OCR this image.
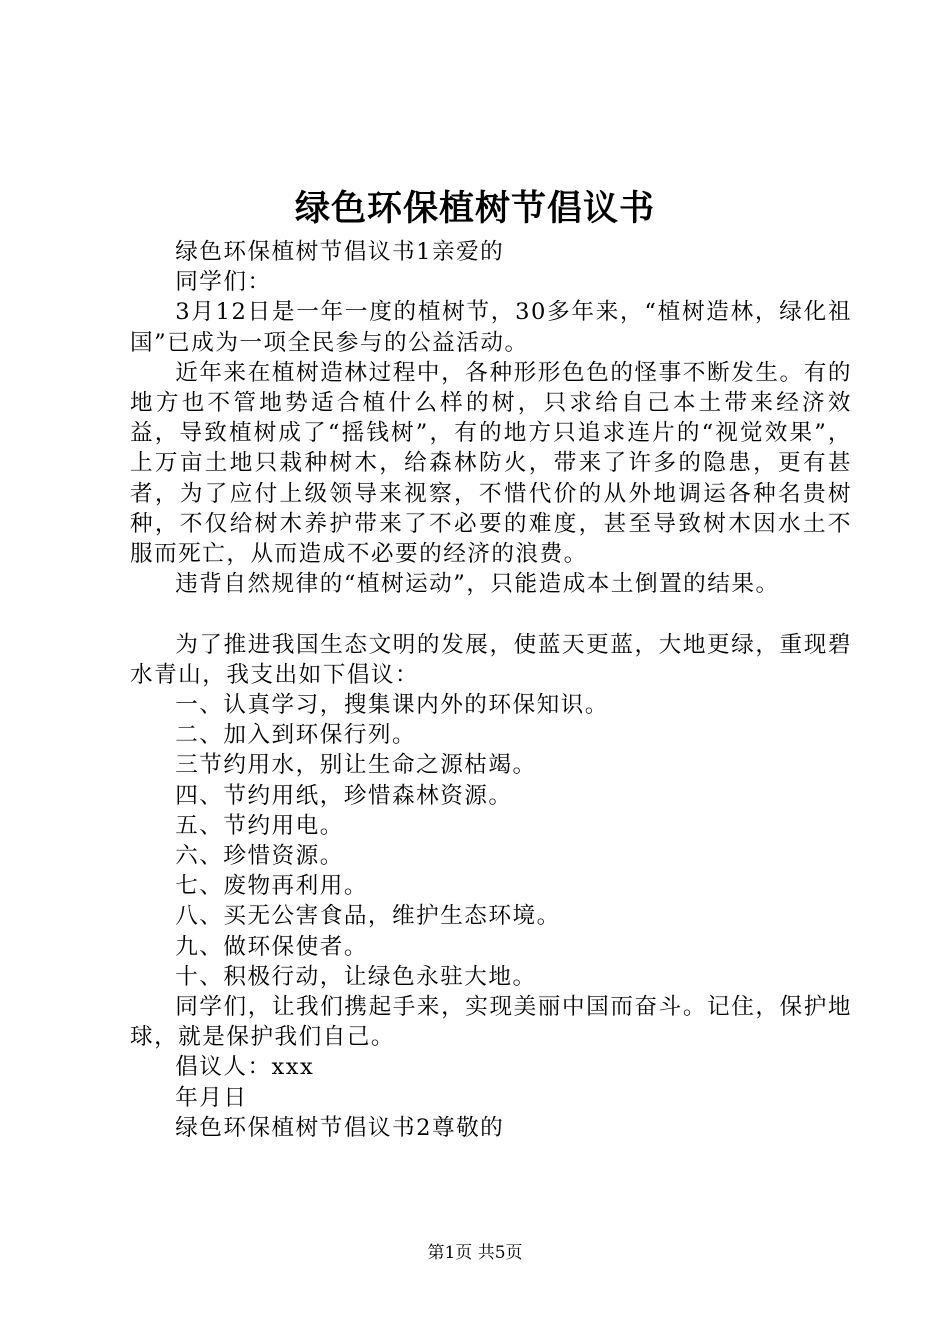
绿色环保植树节倡议书

绿色环保植树节倡议书1亲爱的

同学们：

3月12日是一年一度的植树节，30多年来，“植树造林，绿化祖国”已成为一项全民参与的公益活动。

近年来在植树造林过程中，各种形形色色的怪事不断发生。有的地方也不管地势适合植什么样的树，只求给自己本土带来经济效益，导致植树成了“摇钱树”，有的地方只追求连片的“视觉效果”，上万亩土地只栽种树木，给森林防火，带来了许多的隐患，更有甚者，为了应付上级领导来视察，不惜代价的从外地调运各种名贵树种，不仅给树木养护带来了不必要的难度，甚至导致树木因水土不服而死亡，从而造成不必要的经济的浪费。

违背自然规律的“植树运动”，只能造成本土倒置的结果。

为了推进我国生态文明的发展，使蓝天更蓝，大地更绿，重现碧水青山，我支出如下倡议：

一、认真学习，搜集课内外的环保知识。

二、加入到环保行列。

三节约用水，别让生命之源枯竭。

四、节约用纸，珍惜森林资源。

五、节约用电。

六、珍惜资源。

七、废物再利用。

八、买无公害食品，维护生态环境。

九、做环保使者。

十、积极行动，让绿色永驻大地。

同学们，让我们携起手来，实现美丽中国而奋斗。记住，保护地球，就是保护我们自己。

倡议人：xxx

年月日

绿色环保植树节倡议书2尊敬的

第1页 共5页
